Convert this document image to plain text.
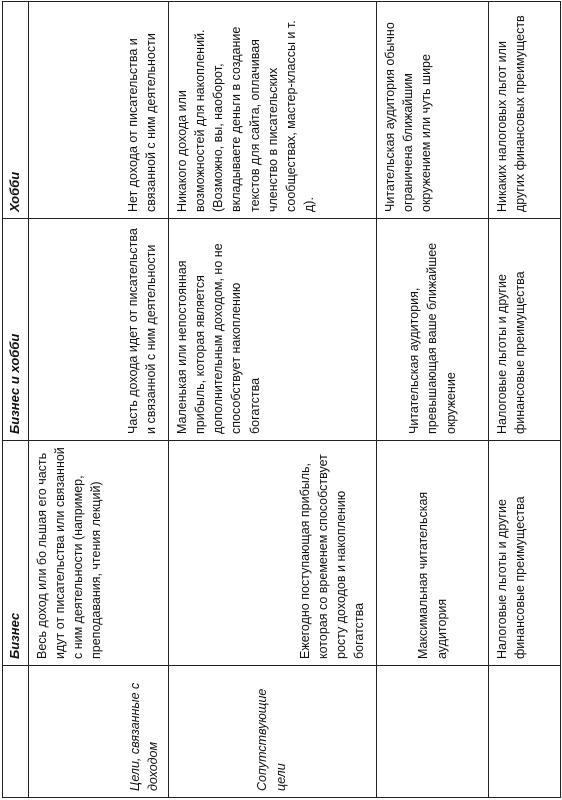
	Бизнес	Бизнес и хобби	Хобби
Цели, связанные с доходом	Весь доход или бо льшая его часть идут от писательства или связанной с ним деятельности (например, преподавания, чтения лекций)	Часть дохода идет от писательства и связанной с ним деятельности	Нет дохода от писательства и связанной с ним деятельности
Сопутствующие цели	Ежегодно поступающая прибыль, которая со временем способствует росту доходов и накоплению богатства	Маленькая или непостоянная прибыль, которая является дополнительным доходом, но не способствует накоплению богатства	Никакого дохода или возможностей для накоплений. (Возможно, вы, наоборот, вкладываете деньги в создание текстов для сайта, оплачивая членство в писательских сообществах, мастер-классы и т. д).
	Максимальная читательская аудитория	Читательская аудитория, превышающая ваше ближайшее окружение	Читательская аудитория обычно ограничена ближайшим окружением или чуть шире
	Налоговые льготы и другие финансовые преимущества	Налоговые льготы и другие финансовые преимущества	Никаких налоговых льгот или других финансовых преимуществ
